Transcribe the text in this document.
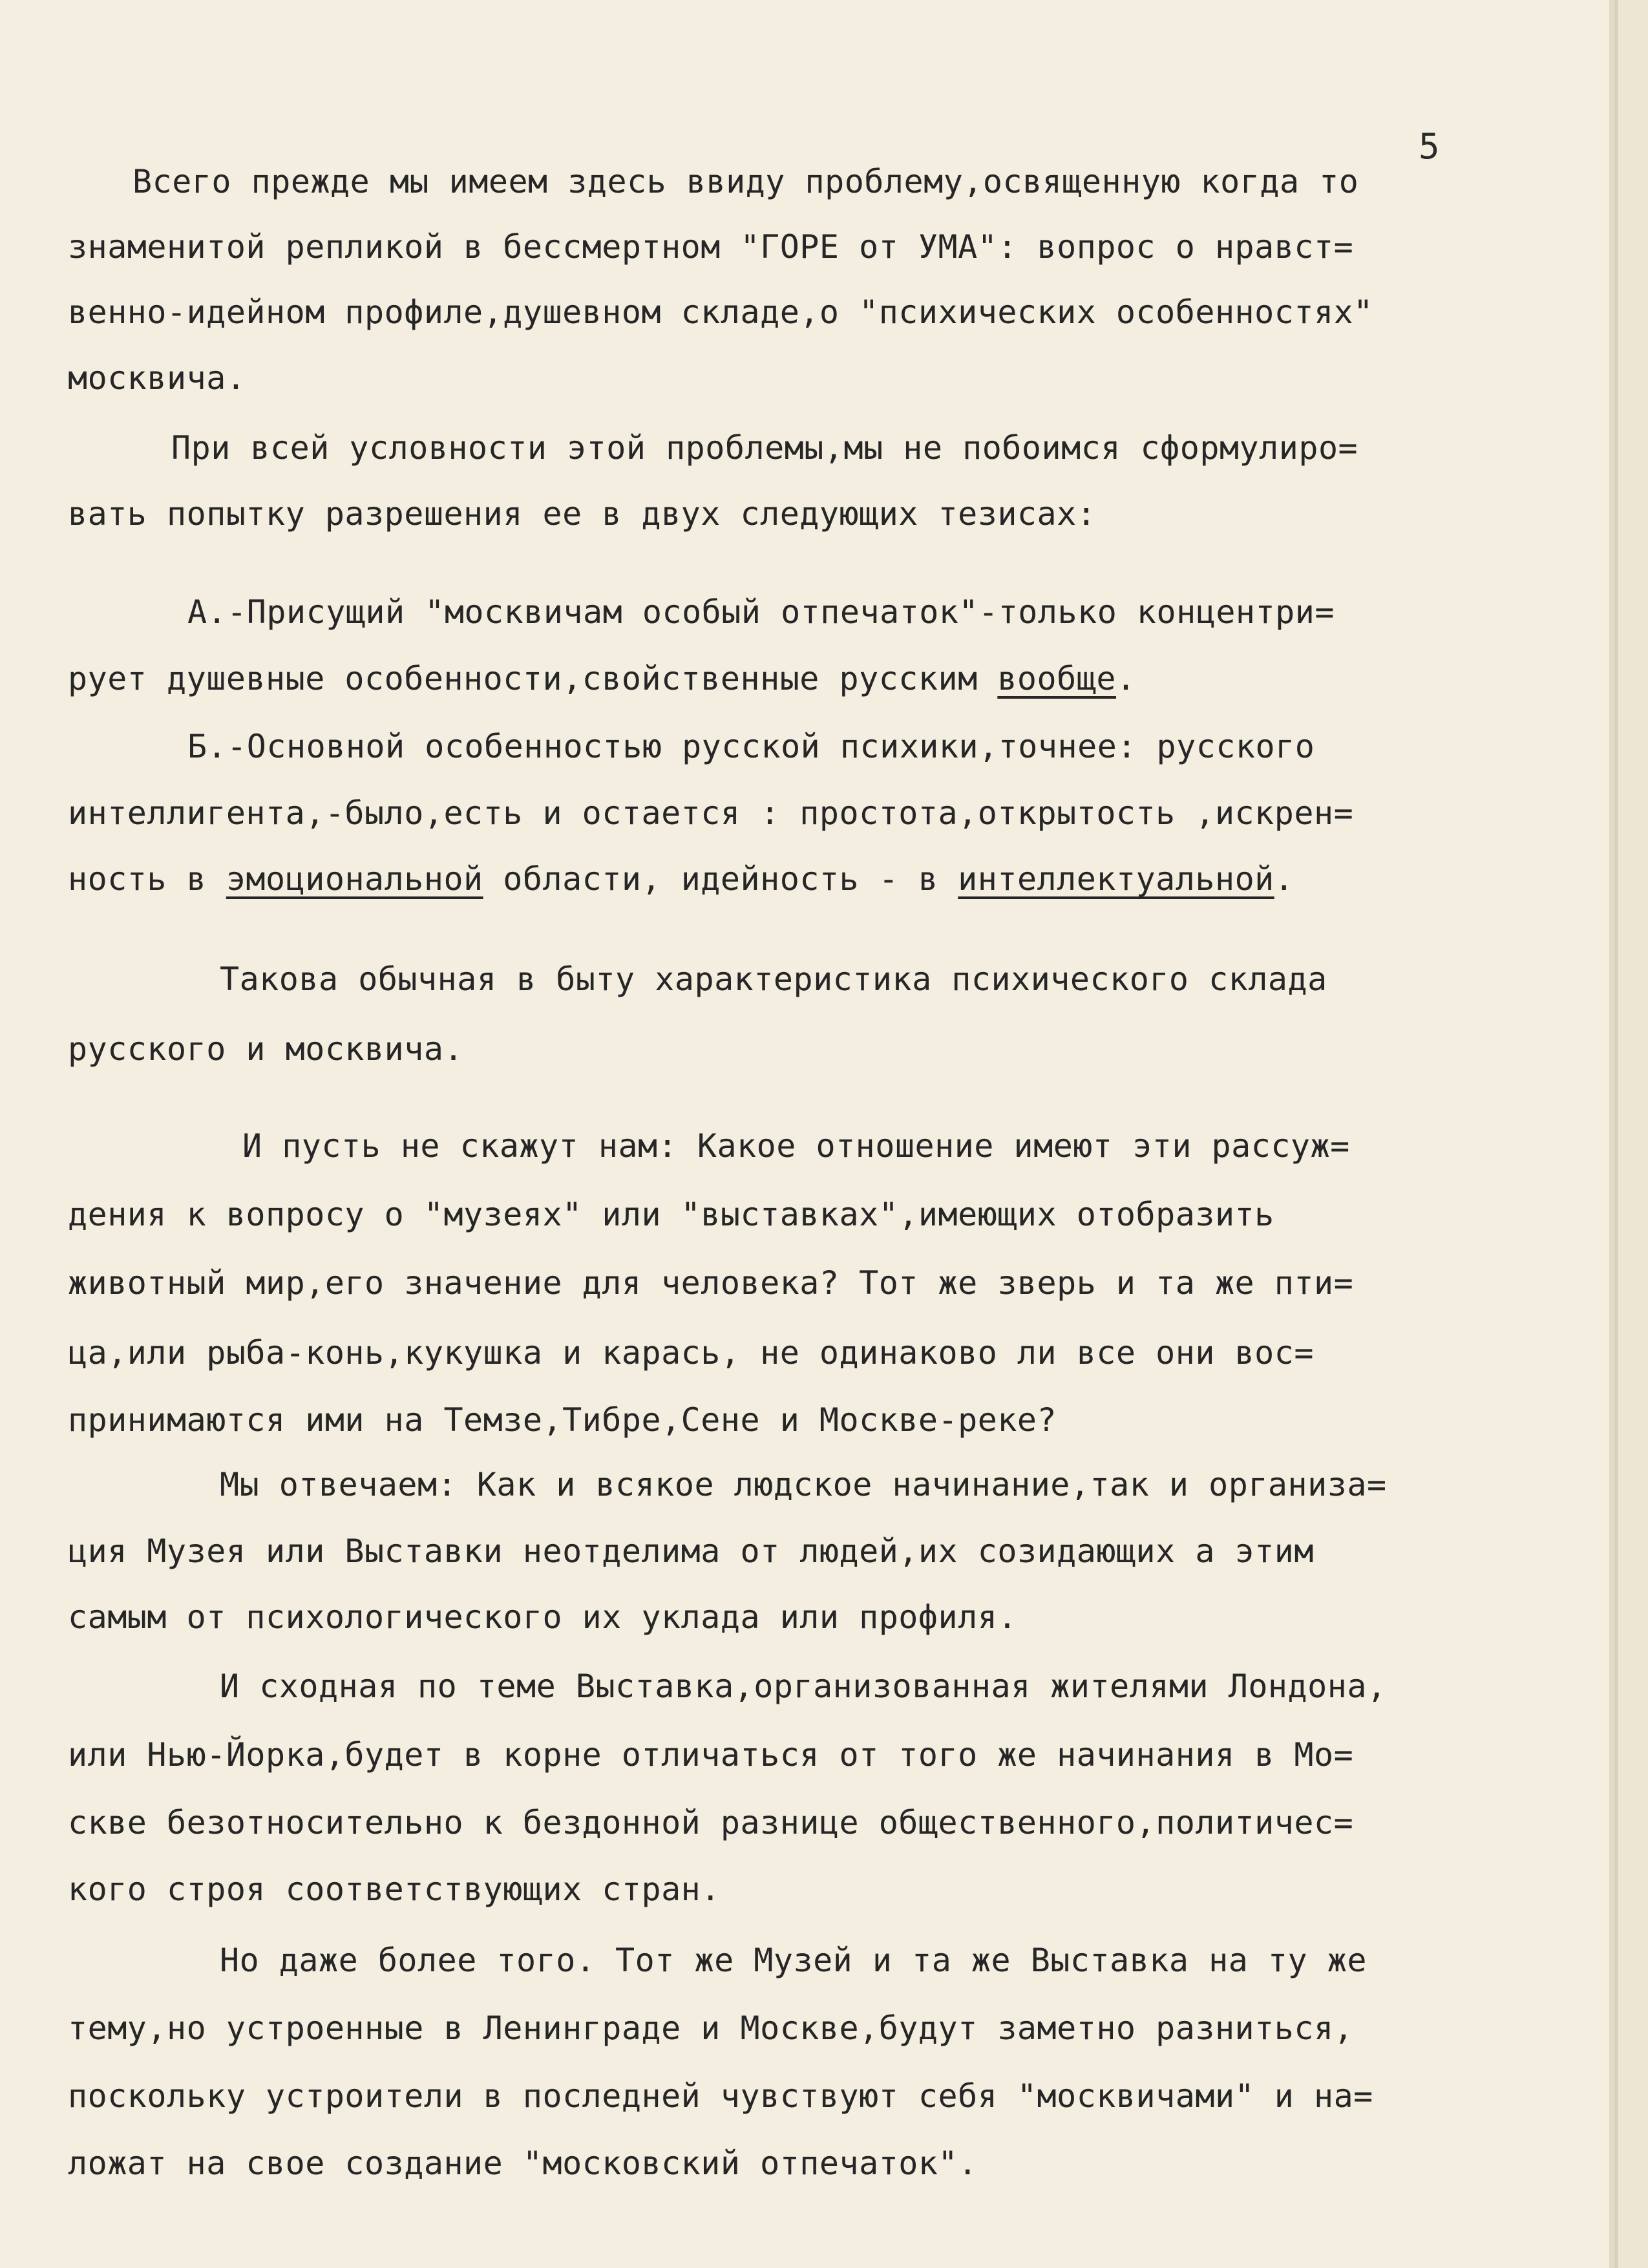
5
Всего прежде мы имеем здесь ввиду проблему,освященную когда то
знаменитой репликой в бессмертном "ГОРЕ от УМА": вопрос о нравст=
венно-идейном профиле,душевном складе,о "психических особенностях"
москвича.
При всей условности этой проблемы,мы не побоимся сформулиро=
вать попытку разрешения ее в двух следующих тезисах:
А.-Присущий "москвичам особый отпечаток"-только концентри=
рует душевные особенности,свойственные русским вообще.
Б.-Основной особенностью русской психики,точнее: русского
интеллигента,-было,есть и остается : простота,открытость ,искрен=
ность в эмоциональной области, идейность - в интеллектуальной.
Такова обычная в быту характеристика психического склада
русского и москвича.
И пусть не скажут нам: Какое отношение имеют эти рассуж=
дения к вопросу о "музеях" или "выставках",имеющих отобразить
животный мир,его значение для человека? Тот же зверь и та же пти=
ца,или рыба-конь,кукушка и карась, не одинаково ли все они вос=
принимаются ими на Темзе,Тибре,Сене и Москве-реке?
Мы отвечаем: Как и всякое людское начинание,так и организа=
ция Музея или Выставки неотделима от людей,их созидающих а этим
самым от психологического их уклада или профиля.
И сходная по теме Выставка,организованная жителями Лондона,
или Нью-Йорка,будет в корне отличаться от того же начинания в Мо=
скве безотносительно к бездонной разнице общественного,политичес=
кого строя соответствующих стран.
Но даже более того. Тот же Музей и та же Выставка на ту же
тему,но устроенные в Ленинграде и Москве,будут заметно разниться,
поскольку устроители в последней чувствуют себя "москвичами" и на=
ложат на свое создание "московский отпечаток".
